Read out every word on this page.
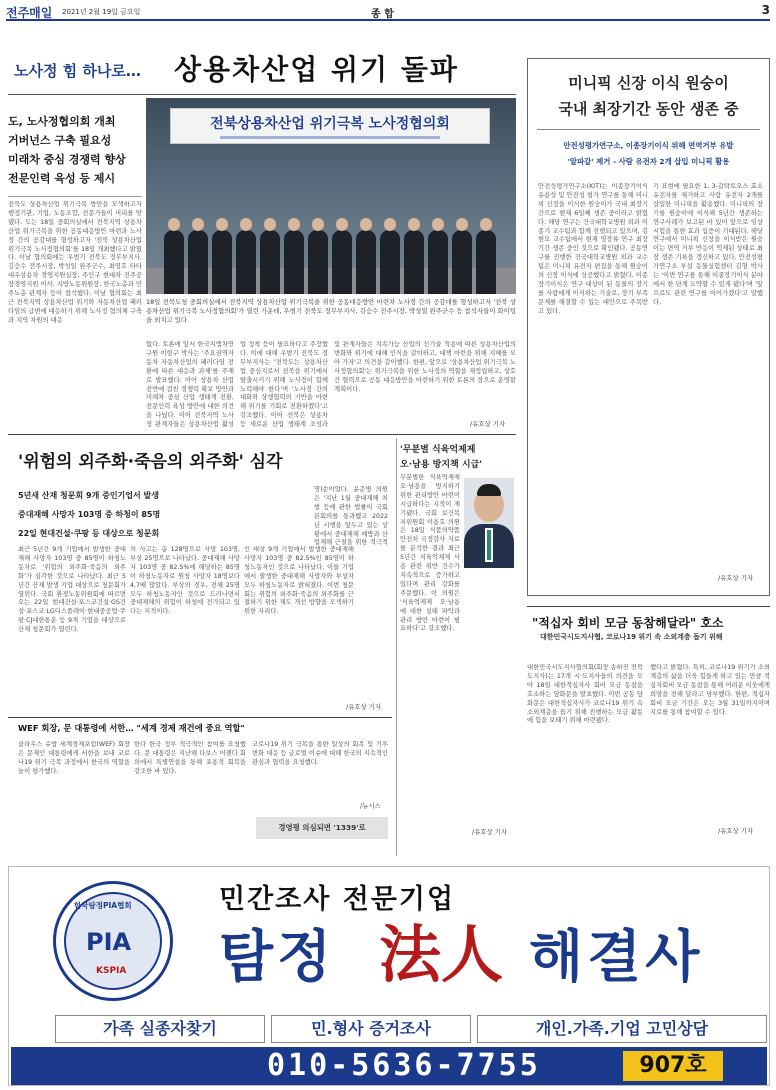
전주매일 2021년 2월 19일 금요일	종 합	3
노사정 힘 하나로… 상용차산업 위기 돌파
도, 노사정협의회 개최
거버넌스 구축 필요성
미래차 중심 경쟁력 향상
전문인력 육성 등 제시
전북도 상용차산업 위기극복 방안을 모색하고자 행정기관, 기업, 노동조합, 전문가들이 머리를 맞댔다. 도는 18일 중회의실에서 전북지역 상용차산업 위기극복을 위한 공동대응방안 마련과 노사정 간의 공감대를 형성하고자 '전북 상용차산업 위기극복 노사정협의회'를 18일 개최했다고 밝혔다. 이날 협의회에는 우범기 전북도 정무부지사, 김승수 전주시장, 박성일 완주군수, 최영호 타타대우상용차 경영지원실장, 주인구 현대차 전주공장경영지원 이사, 지방노동위원장, 한국노총과 민주노총 관계자 등이 참석했다. 이날 협의회는 최근 전북지역 상용차산업 위기와 자동차산업 패러다임의 급변에 대응하기 위해 노사정 협의체 구축과 지역 차원의 대응
전북상용차산업 위기극복 노사정협의회
18일 전북도청 중회의실에서 전북지역 상용차산업 위기극복을 위한 공동대응방안 마련차 노사정 간의 공감대를 형성하고자 '전북 상용차산업 위기극복 노사정협의회'가 열린 가운데, 우범기 전북도 정무부지사, 김승수 전주시장, 박성일 완주군수 등 참석자들이 화이팅을 외치고 있다.
없다. 토론에 앞서 한국지엠차연구원 이항구 박사는 '주요권역자동차 자동차산업의 패러다임 전환에 따른 대응과 과제'를 주제로 발표했다. 이어 상용차 산업 전반에 걸친 경쟁력 확보 방안과 미래차 중심 산업 생태계 전환, 전문인력 육성 방안에 대한 의견을 나눴다. 이어 전북지역 노사정 관계자들은 상용차산업 활성
업 정착 등이 필요하다고 주장했다. 이에 대해 우범기 전북도 정무부지사는 '전북도는 상용차산업 중심지로서 전북을 위기에서 탈출시키기 위해 노사정이 함께 노력해야 한다'며 '노사정 간의 대화와 상생협력의 기반을 마련해 위기를 기회로 전환하겠다'고 강조했다. 이어 전북은 상용차 등 새로운 산업 생태계 조성과
및 관계자들은 지속가능 산업의 신기술 적용에 따른 상용차산업의 변화와 위기에 대해 인식을 같이하고, 대책 마련을 위해 지혜를 모아 가자'고 의견을 같이했다. 한편, 앞으로 '상용차산업 위기극복 노사정협의회'는 위기극복을 위한 노사정의 역할을 재정립하고, 상호간 협력으로 공동 대응방안을 마련하기 위한 토론의 장으로 운영할 계획이다.
/유호상 기자
미니픽 신장 이식 원숭이
국내 최장기간 동안 생존 중
안전성평가연구소, 이종장기이식 위해 면역거부 유발
'알파갈' 제거 - 사람 유전자 2개 삽입 미니픽 활용
안전성평가연구소(KIT)는 이종장기이식 유용성 및 안전성 평가 연구를 통해 미니픽 신장을 이식한 원숭이가 국내 최장기간으로 현재 6일째 생존 중이라고 밝혔다. 해당 연구는 건국대학교병원 외과 이종기 교수팀과 함께 진행되고 있으며, 김현모 교수팀에서 현재 영장류 연구 최장 기간 생존 중인 것으로 확인됐다. 공동연구를 진행한 건국대학교병원 외과 교수팀은 미니픽 유전자 편집을 통해 원숭이의 신장 이식에 성공했다고 밝혔다. 이종장기이식은 연구 대상이 된 동물의 장기를 사람에게 이식하는 기술로, 장기 부족 문제를 해결할 수 있는 대안으로 주목받고 있다.
기 표현에 필요한 1, 3-갈락토오스 효소 유전자를 제거하고 사람 유전자 2개를 삽입한 미니픽을 활용했다. 미니픽의 장기를 원숭이에 이식해 5년간 생존하는 연구사례가 보고된 바 있어 앞으로 임상시험을 통한 효과 입증이 기대된다. 해당 연구에서 미니픽 신장을 이식받은 원숭이는 면역 거부 반응이 억제된 상태로 최장 생존 기록을 갱신하고 있다. 안전성평가연구소 부설 동물실험센터 김형 박사는 '이번 연구를 통해 이종장기이식 분야에서 한 단계 도약할 수 있게 됐다'며 '앞으로도 관련 연구를 이어가겠다'고 말했다.
/유호상 기자
'위험의 외주화·죽음의 외주화' 심각
5년새 산재 청문회 9개 중인기업서 발생
중대재해 사망자 103명 중 하청이 85명
22일 현대건설·쿠팡 등 대상으로 청문회
최근 5년간 9개 기업에서 발생한 중대재해 사망자 103명 중 85명이 하청노동자로 '위험의 외주화·죽음의 외주화'가 심각한 것으로 나타났다. 최근 5년간 산재 발생 기업 대상으로 청문회가 열린다. 국회 환경노동위원회에 따르면 오는 22일 현대건설·포스코건설·GS건설·포스코·LG디스플레이·현대중공업·쿠팡·CJ대한통운 등 9개 기업을 대상으로 산재 청문회가 열린다.
의 사고는 총 128명으로 사망 103명, 부상 25명으로 나타났다. 중대재해 사망자 103명 중 82.5%에 해당하는 85명이 하청노동자로 원청 사망자 18명보다 4.7배 많았다. 부상의 경우, 전체 25명 모두 하청노동자인 것으로 드러나면서 중대재해의 위험이 하청에 전가되고 있다는 지적이다.
인 대상 9개 기업에서 발생한 중대재해 사망자 103명 중 82.5%인 85명이 하청노동자인 것으로 나타났다. 이들 기업에서 발생한 중대재해 사망자와 부상자 모두 하청노동자로 밝혀졌다. 이번 청문회는 위험의 외주화·죽음의 외주화를 근절하기 위한 제도 개선 방향을 모색하기 위한 자리다.
명)순이었다. 윤준병 의원은 '지난 1월 중대재해 처벌 등에 관한 법률이 국회 본회의를 통과했고 2022년 시행을 앞두고 있는 상황에서 중대재해 예방과 산업재해 근절을 위한 적극적
/유호상 기자
'무분별 식육억제제
오·남용 방지책 시급'
무분별한 식육억제제 오·남용을 방지하기 위한 관리방안 마련이 시급하다는 지적이 제기됐다. 국회 보건복지위원회 이용호 의원은 18일 식품의약품안전처 국정감사 자료를 분석한 결과 최근 5년간 식육억제제 사용 관련 위반 건수가 지속적으로 증가하고 있다며 관리 강화를 주문했다. 이 의원은 '식육억제제 오·남용에 대한 실태 파악과 관리 방안 마련이 필요하다'고 강조했다.
/유호상 기자
WEF 회장, 문 대통령에 서한… "세계 경제 재건에 중요 역할"
클라우스 슈밥 세계경제포럼(WEF) 회장은 문재인 대통령에게 서한을 보내 코로나19 위기 극복 과정에서 한국의 역할을 높이 평가했다.
한다 한국 정부 적극적인 참여를 요청했다. 문 대통령은 지난해 다보스 어젠다 회의에서 특별연설을 통해 포용적 회복을 강조한 바 있다.
코로나19 위기 극복을 통한 일상의 회복 및 기후변화 대응 등 글로벌 이슈에 대해 한국의 지속적인 관심과 협력을 요청했다.
/뉴시스
경영평 의심되면 '1339'로
"적십자 회비 모금 동참해달라" 호소
대한민국시도지사협, 코로나19 위기 속 소외계층 돕기 위해
대한민국시도지사협의회(회장 송하진 전북도지사)는 17개 시·도지사들의 의견을 모아 18일 대한적십자사 회비 모금 동참을 호소하는 담화문을 발표했다. 이번 공동 담화문은 대한적십자사가 코로나19 위기 속 소외계층을 돕기 위해 진행하는 모금 활동에 힘을 보태기 위해 마련됐다.
했다고 밝혔다. 특히, 코로나19 위기가 소외계층의 삶을 더욱 힘들게 하고 있는 만큼 적십자회비 모금 동참을 통해 어려운 이웃에게 희망을 전해 달라고 당부했다. 한편, 적십자 회비 모금 기간은 오는 3월 31일까지이며 지로를 통해 참여할 수 있다.
/유호상 기자
민간조사 전문기업
탐정 法人 해결사
가족 실종자찾기	민.형사 증거조사	개인.가족.기업 고민상담
010-5636-7755	907호
한국탐정PIA협회
PIA
KSPIA
